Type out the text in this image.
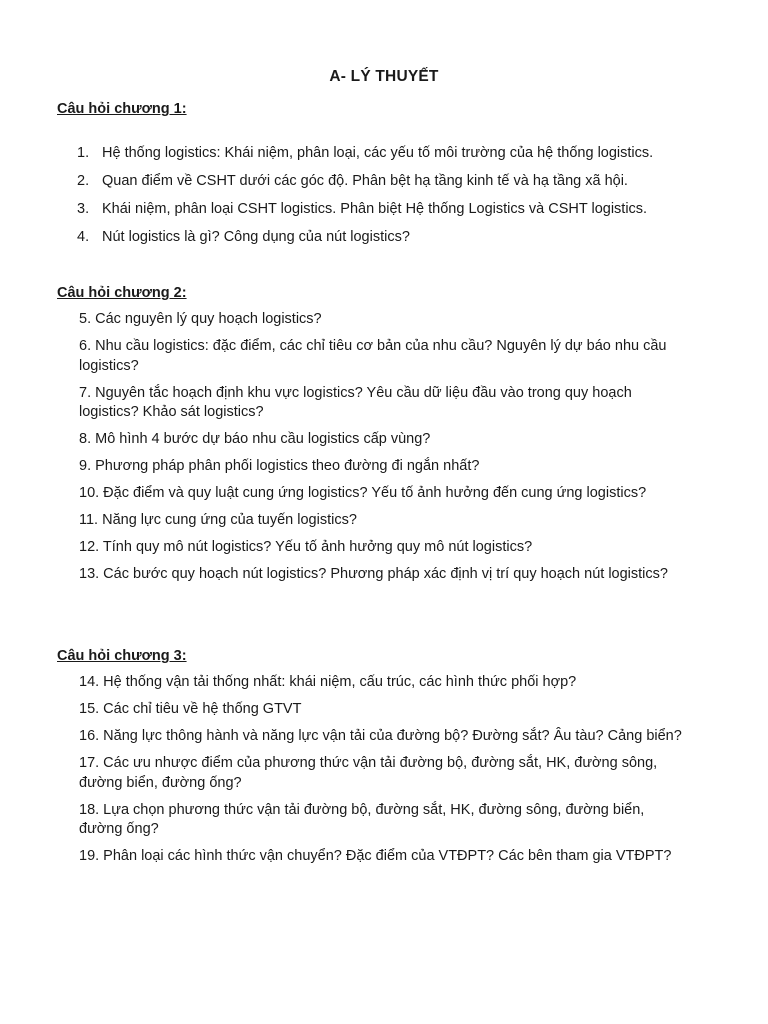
A- LÝ THUYẾT
Câu hỏi chương 1:
1. Hệ thống logistics: Khái niệm, phân loại, các yếu tố môi trường của hệ thống logistics.
2. Quan điểm về CSHT dưới các góc độ. Phân bệt hạ tầng kinh tế và hạ tầng xã hội.
3. Khái niệm, phân loại CSHT logistics. Phân biệt Hệ thống Logistics và CSHT logistics.
4. Nút logistics là gì? Công dụng của nút logistics?
Câu hỏi chương 2:
5. Các nguyên lý quy hoạch logistics?
6. Nhu cầu logistics: đặc điểm, các chỉ tiêu cơ bản của nhu cầu? Nguyên lý dự báo nhu cầu logistics?
7. Nguyên tắc hoạch định khu vực logistics? Yêu cầu dữ liệu đầu vào trong quy hoạch logistics? Khảo sát logistics?
8. Mô hình 4 bước dự báo nhu cầu logistics cấp vùng?
9. Phương pháp phân phối logistics theo đường đi ngắn nhất?
10. Đặc điểm và quy luật cung ứng logistics? Yếu tố ảnh hưởng đến cung ứng logistics?
11. Năng lực cung ứng của tuyến logistics?
12. Tính quy mô nút logistics? Yếu tố ảnh hưởng quy mô nút logistics?
13. Các bước quy hoạch nút logistics? Phương pháp xác định vị trí quy hoạch nút logistics?
Câu hỏi chương 3:
14. Hệ thống vận tải thống nhất: khái niệm, cấu trúc, các hình thức phối hợp?
15. Các chỉ tiêu về hệ thống GTVT
16. Năng lực thông hành và năng lực vận tải của đường bộ? Đường sắt? Âu tàu? Cảng biển?
17. Các ưu nhược điểm của phương thức vận tải đường bộ, đường sắt, HK, đường sông, đường biển, đường ống?
18. Lựa chọn phương thức vận tải đường bộ, đường sắt, HK, đường sông, đường biển, đường ống?
19. Phân loại các hình thức vận chuyển? Đặc điểm của VTĐPT? Các bên tham gia VTĐPT?
